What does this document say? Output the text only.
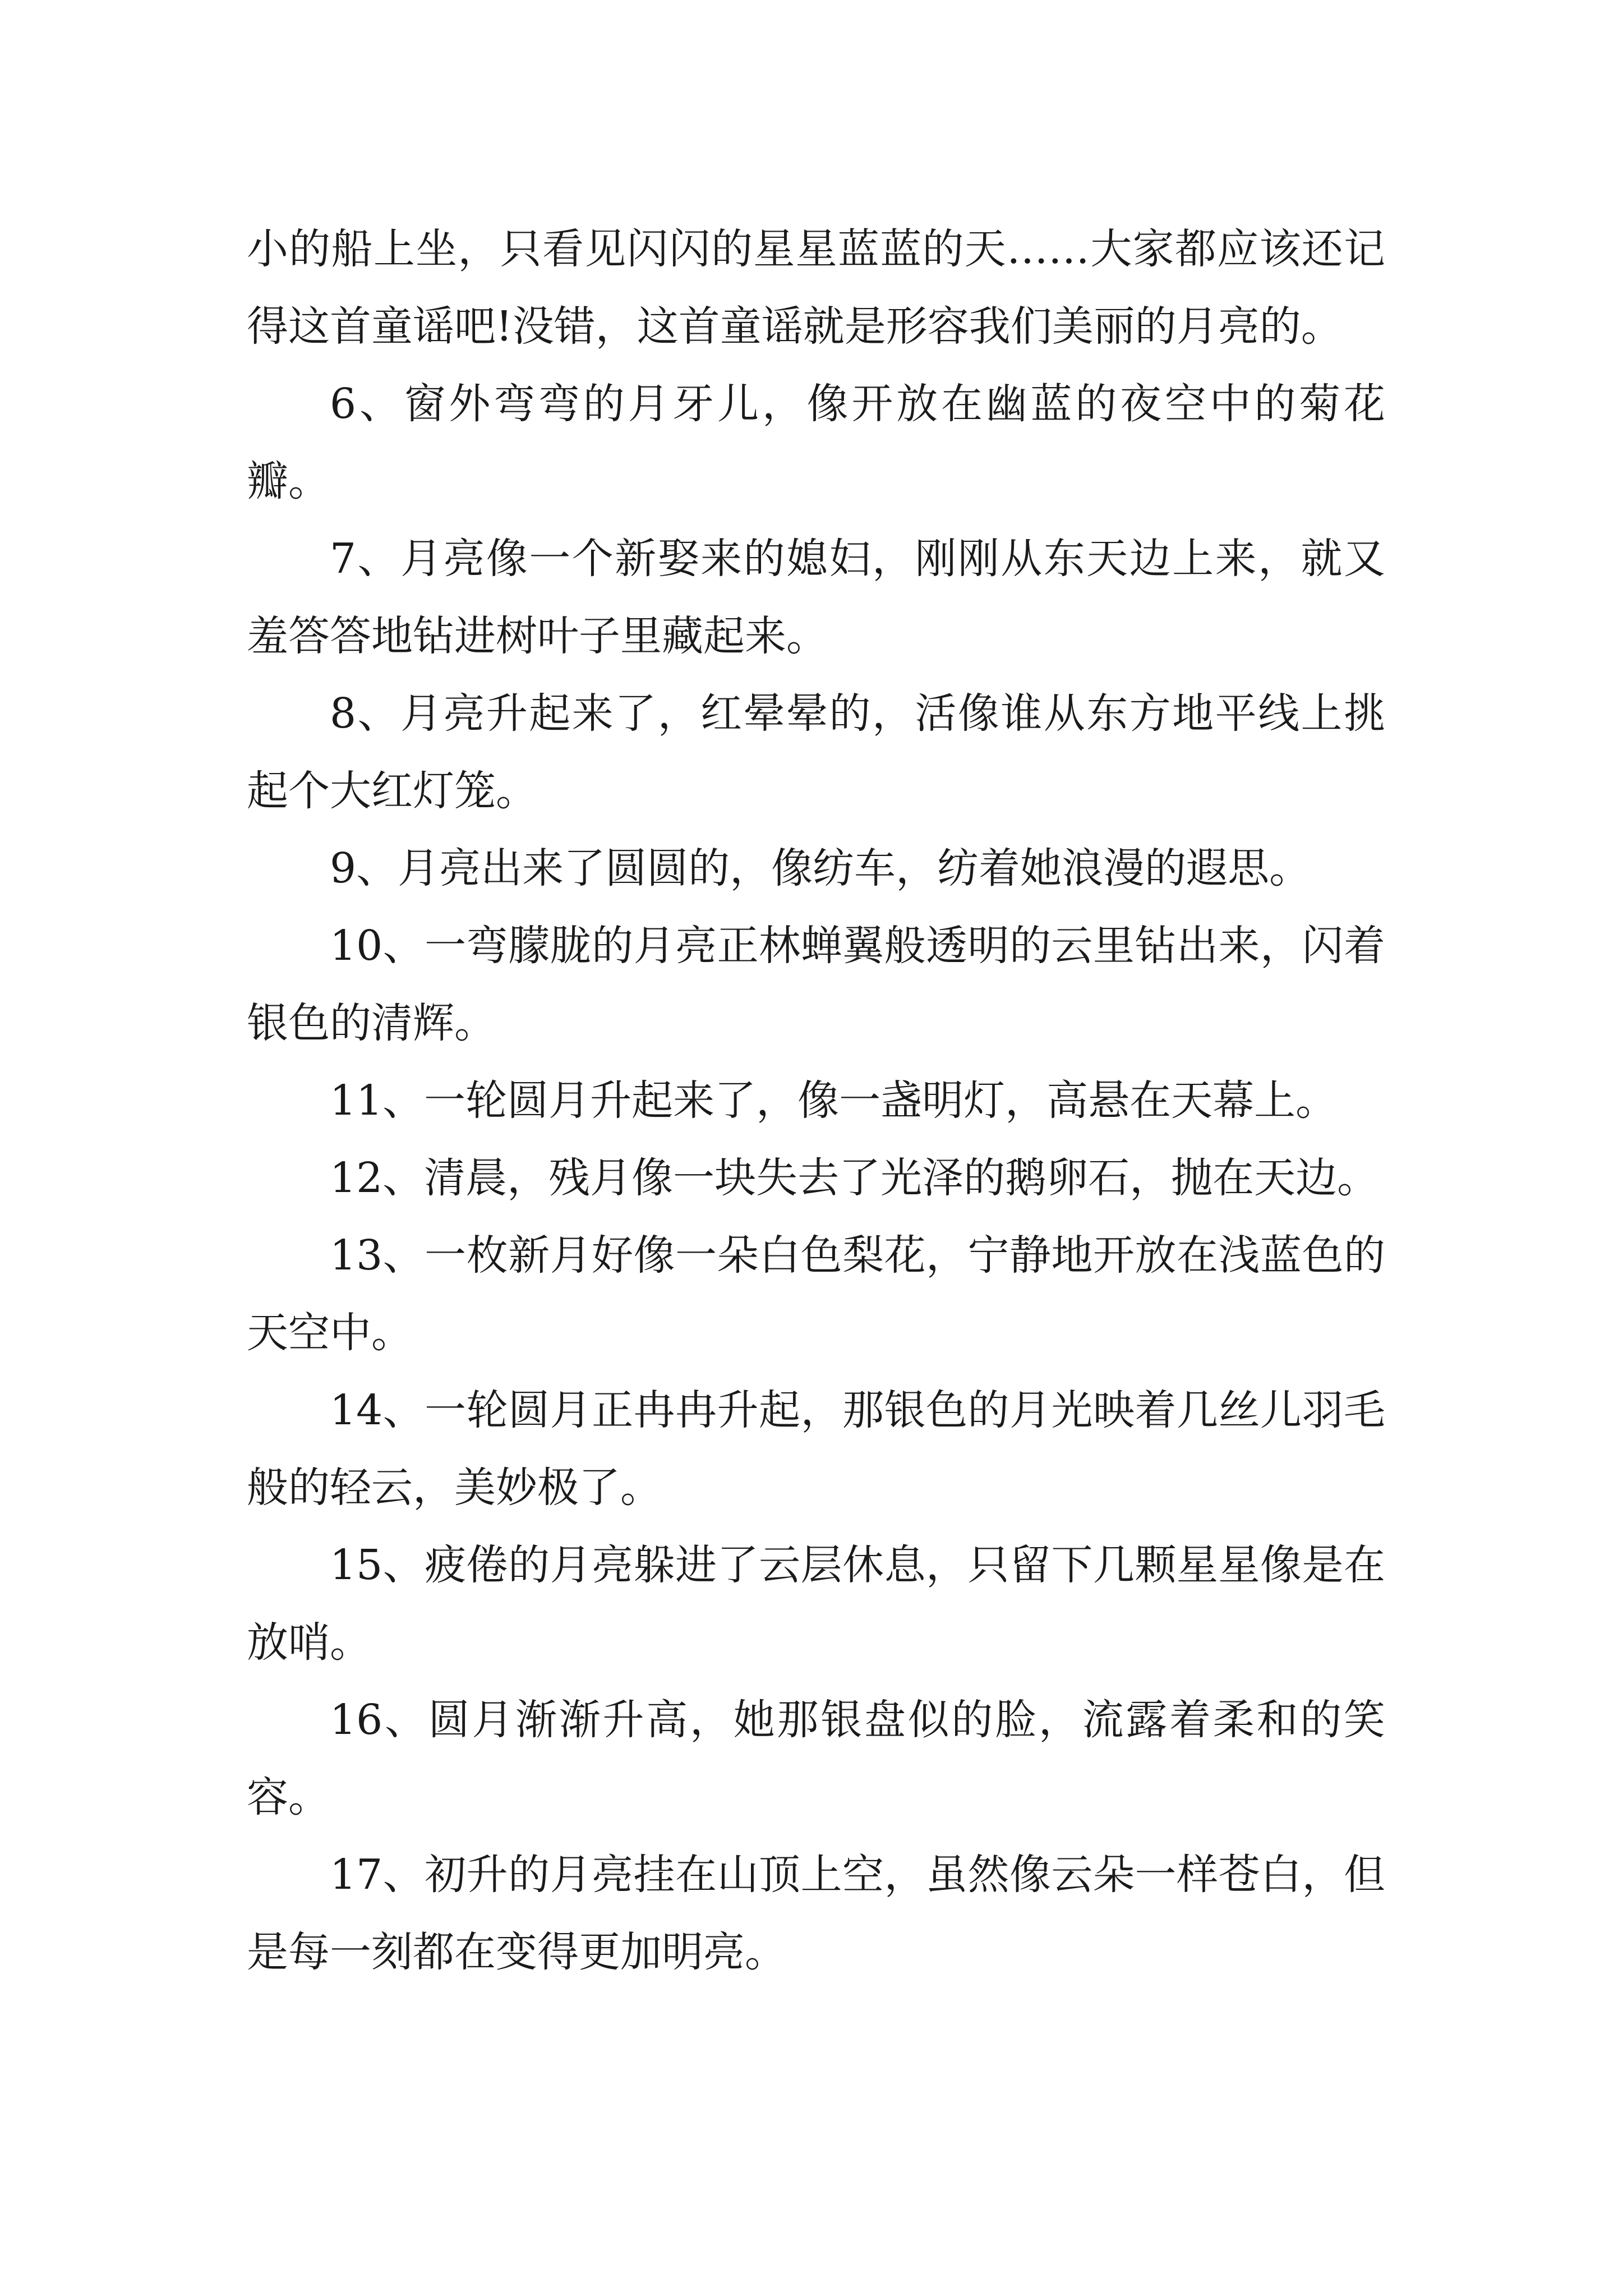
小的船上坐，只看见闪闪的星星蓝蓝的天……大家都应该还记得这首童谣吧!没错，这首童谣就是形容我们美丽的月亮的。

6、窗外弯弯的月牙儿，像开放在幽蓝的夜空中的菊花瓣。

7、月亮像一个新娶来的媳妇，刚刚从东天边上来，就又羞答答地钻进树叶子里藏起来。

8、月亮升起来了，红晕晕的，活像谁从东方地平线上挑起个大红灯笼。

9、月亮出来了圆圆的，像纺车，纺着她浪漫的遐思。

10、一弯朦胧的月亮正林蝉翼般透明的云里钻出来，闪着银色的清辉。

11、一轮圆月升起来了，像一盏明灯，高悬在天幕上。

12、清晨，残月像一块失去了光泽的鹅卵石，抛在天边。

13、一枚新月好像一朵白色梨花，宁静地开放在浅蓝色的天空中。

14、一轮圆月正冉冉升起，那银色的月光映着几丝儿羽毛般的轻云，美妙极了。

15、疲倦的月亮躲进了云层休息，只留下几颗星星像是在放哨。

16、圆月渐渐升高，她那银盘似的脸，流露着柔和的笑容。

17、初升的月亮挂在山顶上空，虽然像云朵一样苍白，但是每一刻都在变得更加明亮。
